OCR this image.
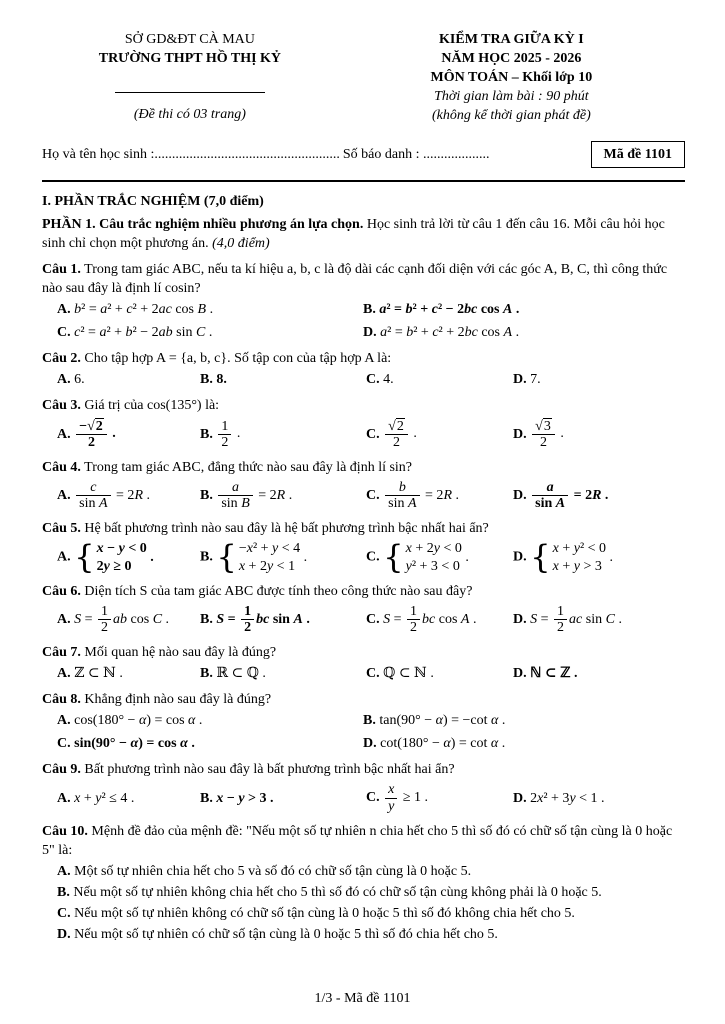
SỞ GD&ĐT CÀ MAU
TRƯỜNG THPT HỒ THỊ KỶ
(Đề thi có 03 trang)
KIỂM TRA GIỮA KỲ I
NĂM HỌC 2025 - 2026
MÔN TOÁN – Khối lớp 10
Thời gian làm bài : 90 phút
(không kể thời gian phát đề)
Họ và tên học sinh :..................................................... Số báo danh : ...................	Mã đề 1101
I. PHẦN TRẮC NGHIỆM (7,0 điểm)

PHẦN 1. Câu trắc nghiệm nhiều phương án lựa chọn. Học sinh trả lời từ câu 1 đến câu 16. Mỗi câu hỏi học sinh chỉ chọn một phương án. (4,0 điểm)

Câu 1. Trong tam giác ABC, nếu ta kí hiệu a, b, c là độ dài các cạnh đối diện với các góc A, B, C, thì công thức nào sau đây là định lí cosin?

A. b² = a² + c² + 2ac cos B .	B. a² = b² + c² − 2bc cos A .
C. c² = a² + b² − 2ab sin C .	D. a² = b² + c² + 2bc cos A .

Câu 2. Cho tập hợp A = {a, b, c}. Số tập con của tập hợp A là:

A. 6.	B. 8.	C. 4.	D. 7.

Câu 3. Giá trị của cos(135°) là:

A. $\frac{-√2}{2}$ .	B. $\frac{1}{2}$ .	C. $\frac{√2}{2}$ .	D. $\frac{√3}{2}$ .

Câu 4. Trong tam giác ABC, đẳng thức nào sau đây là định lí sin?

A. $\frac{c}{\text{sin A}} = 2R$ .	B. $\frac{a}{\text{sin B}} = 2R$ .	C. $\frac{b}{\text{sin A}} = 2R$ .	D. $\frac{a}{\text{sin A}} = 2R$ .

Câu 5. Hệ bất phương trình nào sau đây là hệ bất phương trình bậc nhất hai ẩn?

A. { x − y < 0
2y ≥ 0
.	B. { −x² + y < 4
x + 2y < 1
.	C. { x + 2y < 0
y² + 3 < 0
.	D. { x + y² < 0
x + y > 3
.

Câu 6. Diện tích S của tam giác ABC được tính theo công thức nào sau đây?

A. $S = \frac{1}{2}$ ab cos C .	B. $S = \frac{1}{2}$ bc sin A .	C. $S = \frac{1}{2}$ bc cos A .	D. $S = \frac{1}{2}$ ac sin C .

Câu 7. Mối quan hệ nào sau đây là đúng?

A. ℤ ⊂ ℕ .	B. ℝ ⊂ ℚ .	C. ℚ ⊂ ℕ .	D. ℕ ⊂ ℤ .

Câu 8. Khẳng định nào sau đây là đúng?

A. cos(180° − α) = cos α .	B. tan(90° − α) = −cot α .
C. sin(90° − α) = cos α .	D. cot(180° − α) = cot α .

Câu 9. Bất phương trình nào sau đây là bất phương trình bậc nhất hai ẩn?

A. x + y² ≤ 4 .	B. x − y > 3 .	C. $\frac{x}{y} \ge 1$ .	D. 2x² + 3y < 1 .

Câu 10. Mệnh đề đảo của mệnh đề: "Nếu một số tự nhiên n chia hết cho 5 thì số đó có chữ số tận cùng là 0 hoặc 5" là:

A. Một số tự nhiên chia hết cho 5 và số đó có chữ số tận cùng là 0 hoặc 5.
B. Nếu một số tự nhiên không chia hết cho 5 thì số đó có chữ số tận cùng không phải là 0 hoặc 5.
C. Nếu một số tự nhiên không có chữ số tận cùng là 0 hoặc 5 thì số đó không chia hết cho 5.
D. Nếu một số tự nhiên có chữ số tận cùng là 0 hoặc 5 thì số đó chia hết cho 5.
1/3 - Mã đề 1101
